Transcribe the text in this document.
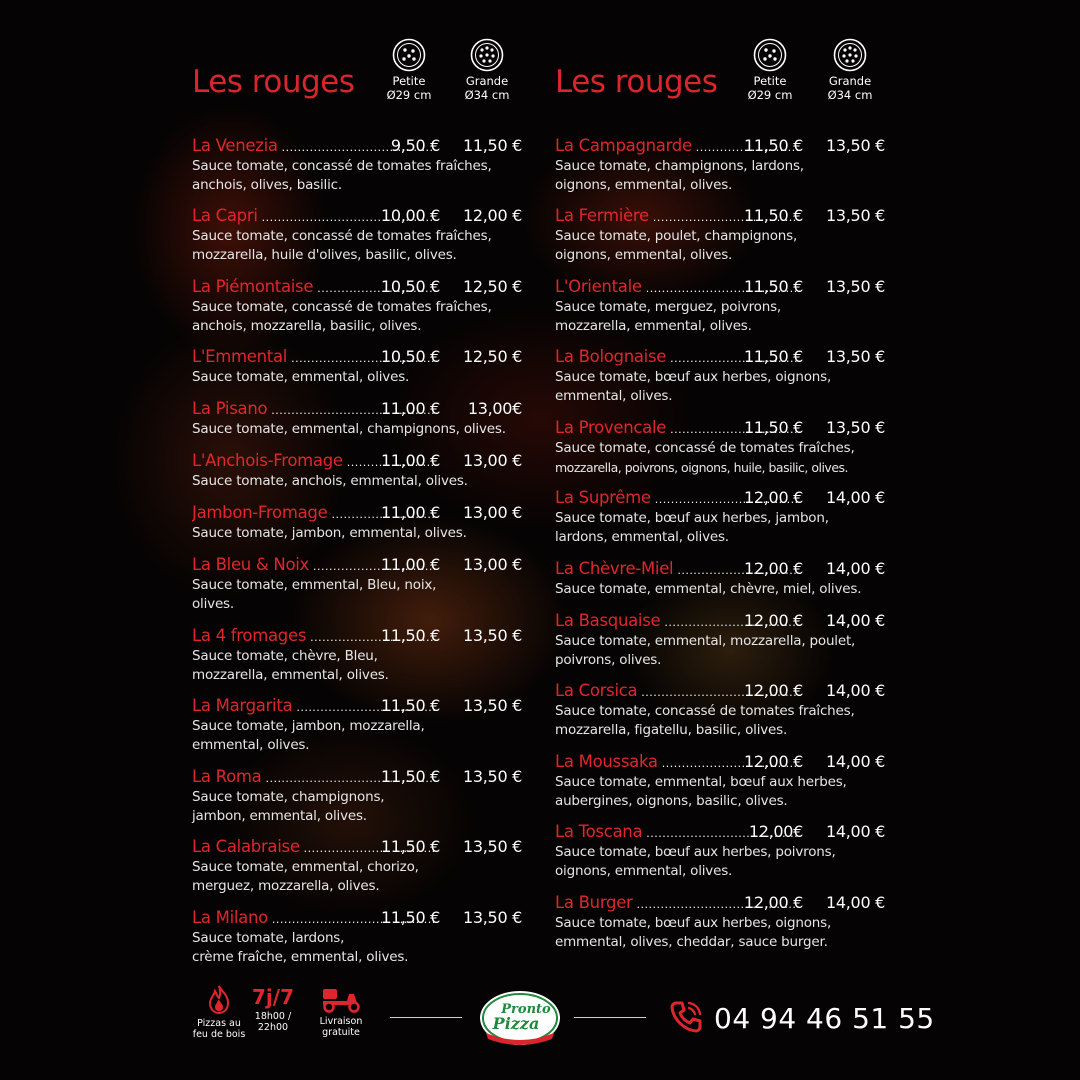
Les rouges	Petite
Ø29 cm
Grande
Ø34 cm
La Venezia .....	9,50 €	11,50 €
Sauce tomate, concassé de tomates fraîches,
anchois, olives, basilic.
La Capri .....	10,00 €	12,00 €
Sauce tomate, concassé de tomates fraîches,
mozzarella, huile d'olives, basilic, olives.
La Piémontaise .....	10,50 €	12,50 €
Sauce tomate, concassé de tomates fraîches,
anchois, mozzarella, basilic, olives.
L'Emmental .....	10,50 €	12,50 €
Sauce tomate, emmental, olives.
La Pisano .....	11,00 €	13,00€
Sauce tomate, emmental, champignons, olives.
L'Anchois-Fromage .....	11,00 €	13,00 €
Sauce tomate, anchois, emmental, olives.
Jambon-Fromage .....	11,00 €	13,00 €
Sauce tomate, jambon, emmental, olives.
La Bleu & Noix .....	11,00 €	13,00 €
Sauce tomate, emmental, Bleu, noix,
olives.
La 4 fromages .....	11,50 €	13,50 €
Sauce tomate, chèvre, Bleu,
mozzarella, emmental, olives.
La Margarita .....	11,50 €	13,50 €
Sauce tomate, jambon, mozzarella,
emmental, olives.
La Roma .....	11,50 €	13,50 €
Sauce tomate, champignons,
jambon, emmental, olives.
La Calabraise .....	11,50 €	13,50 €
Sauce tomate, emmental, chorizo,
merguez, mozzarella, olives.
La Milano .....	11,50 €	13,50 €
Sauce tomate, lardons,
crème fraîche, emmental, olives.
Les rouges	Petite
Ø29 cm
Grande
Ø34 cm
La Campagnarde .....	11,50 €	13,50 €
Sauce tomate, champignons, lardons,
oignons, emmental, olives.
La Fermière .....	11,50 €	13,50 €
Sauce tomate, poulet, champignons,
oignons, emmental, olives.
L'Orientale .....	11,50 €	13,50 €
Sauce tomate, merguez, poivrons,
mozzarella, emmental, olives.
La Bolognaise .....	11,50 €	13,50 €
Sauce tomate, bœuf aux herbes, oignons,
emmental, olives.
La Provencale .....	11,50 €	13,50 €
Sauce tomate, concassé de tomates fraîches,
mozzarella, poivrons, oignons, huile, basilic, olives.
La Suprême .....	12,00 €	14,00 €
Sauce tomate, bœuf aux herbes, jambon,
lardons, emmental, olives.
La Chèvre-Miel .....	12,00 €	14,00 €
Sauce tomate, emmental, chèvre, miel, olives.
La Basquaise .....	12,00 €	14,00 €
Sauce tomate, emmental, mozzarella, poulet,
poivrons, olives.
La Corsica .....	12,00 €	14,00 €
Sauce tomate, concassé de tomates fraîches,
mozzarella, figatellu, basilic, olives.
La Moussaka .....	12,00 €	14,00 €
Sauce tomate, emmental, bœuf aux herbes,
aubergines, oignons, basilic, olives.
La Toscana .....	12,00€	14,00 €
Sauce tomate, bœuf aux herbes, poivrons,
oignons, emmental, olives.
La Burger .....	12,00 €	14,00 €
Sauce tomate, bœuf aux herbes, oignons,
emmental, olives, cheddar, sauce burger.
Pizzas au
feu de bois
7j/7
18h00 /
22h00
Livraison
gratuite
Pronto
Pizza	04 94 46 51 55
